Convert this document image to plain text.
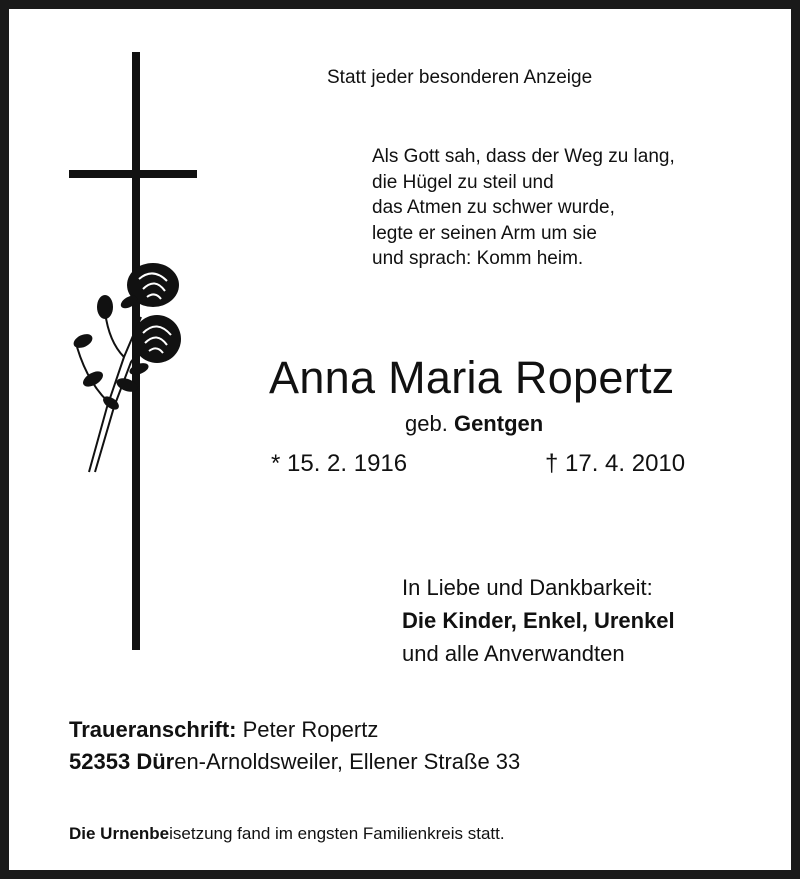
Statt jeder besonderen Anzeige
Als Gott sah, dass der Weg zu lang,
die Hügel zu steil und
das Atmen zu schwer wurde,
legte er seinen Arm um sie
und sprach: Komm heim.
Anna Maria Ropertz
geb. Gentgen
* 15. 2. 1916	† 17. 4. 2010
In Liebe und Dankbarkeit:
Die Kinder, Enkel, Urenkel
und alle Anverwandten
Traueranschrift: Peter Ropertz
52353 Düren-Arnoldsweiler, Ellener Straße 33
Die Urnenbeisetzung fand im engsten Familienkreis statt.
